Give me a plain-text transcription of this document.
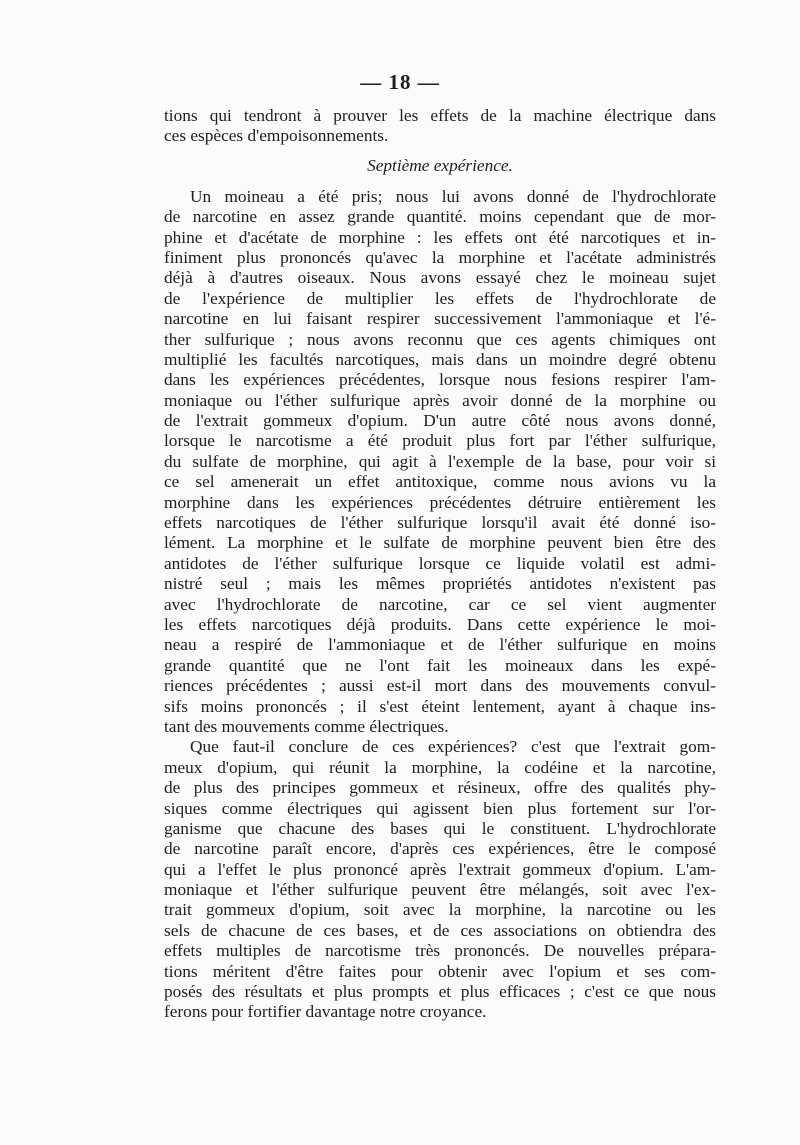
— 18 —
tions qui tendront à prouver les effets de la machine électrique dans
ces espèces d'empoisonnements.
Septième expérience.
Un moineau a été pris; nous lui avons donné de l'hydrochlorate
de narcotine en assez grande quantité. moins cependant que de mor-
phine et d'acétate de morphine : les effets ont été narcotiques et in-
finiment plus prononcés qu'avec la morphine et l'acétate administrés
déjà à d'autres oiseaux. Nous avons essayé chez le moineau sujet
de l'expérience de multiplier les effets de l'hydrochlorate de
narcotine en lui faisant respirer successivement l'ammoniaque et l'é-
ther sulfurique ; nous avons reconnu que ces agents chimiques ont
multiplié les facultés narcotiques, mais dans un moindre degré obtenu
dans les expériences précédentes, lorsque nous fesions respirer l'am-
moniaque ou l'éther sulfurique après avoir donné de la morphine ou
de l'extrait gommeux d'opium. D'un autre côté nous avons donné,
lorsque le narcotisme a été produit plus fort par l'éther sulfurique,
du sulfate de morphine, qui agit à l'exemple de la base, pour voir si
ce sel amenerait un effet antitoxique, comme nous avions vu la
morphine dans les expériences précédentes détruire entièrement les
effets narcotiques de l'éther sulfurique lorsqu'il avait été donné iso-
lément. La morphine et le sulfate de morphine peuvent bien être des
antidotes de l'éther sulfurique lorsque ce liquide volatil est admi-
nistré seul ; mais les mêmes propriétés antidotes n'existent pas
avec l'hydrochlorate de narcotine, car ce sel vient augmenter
les effets narcotiques déjà produits. Dans cette expérience le moi-
neau a respiré de l'ammoniaque et de l'éther sulfurique en moins
grande quantité que ne l'ont fait les moineaux dans les expé-
riences précédentes ; aussi est-il mort dans des mouvements convul-
sifs moins prononcés ; il s'est éteint lentement, ayant à chaque ins-
tant des mouvements comme électriques.
Que faut-il conclure de ces expériences? c'est que l'extrait gom-
meux d'opium, qui réunit la morphine, la codéine et la narcotine,
de plus des principes gommeux et résineux, offre des qualités phy-
siques comme électriques qui agissent bien plus fortement sur l'or-
ganisme que chacune des bases qui le constituent. L'hydrochlorate
de narcotine paraît encore, d'après ces expériences, être le composé
qui a l'effet le plus prononcé après l'extrait gommeux d'opium. L'am-
moniaque et l'éther sulfurique peuvent être mélangés, soit avec l'ex-
trait gommeux d'opium, soit avec la morphine, la narcotine ou les
sels de chacune de ces bases, et de ces associations on obtiendra des
effets multiples de narcotisme très prononcés. De nouvelles prépara-
tions méritent d'être faites pour obtenir avec l'opium et ses com-
posés des résultats et plus prompts et plus efficaces ; c'est ce que nous
ferons pour fortifier davantage notre croyance.
